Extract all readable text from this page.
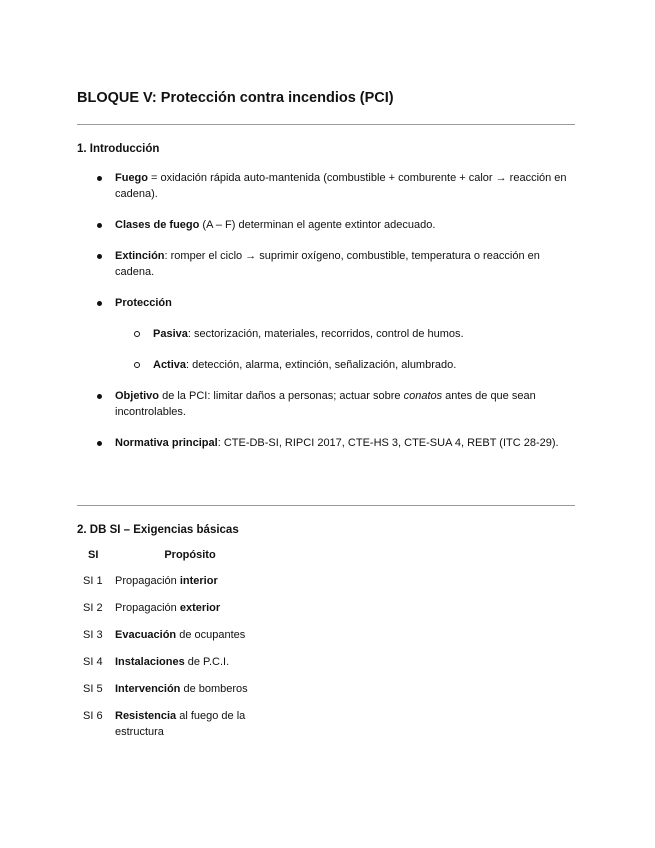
BLOQUE V: Protección contra incendios (PCI)
1. Introducción
Fuego = oxidación rápida auto-mantenida (combustible + comburente + calor → reacción en cadena).
Clases de fuego (A – F) determinan el agente extintor adecuado.
Extinción: romper el ciclo → suprimir oxígeno, combustible, temperatura o reacción en cadena.
Protección
Pasiva: sectorización, materiales, recorridos, control de humos.
Activa: detección, alarma, extinción, señalización, alumbrado.
Objetivo de la PCI: limitar daños a personas; actuar sobre conatos antes de que sean incontrolables.
Normativa principal: CTE-DB-SI, RIPCI 2017, CTE-HS 3, CTE-SUA 4, REBT (ITC 28-29).
2. DB SI – Exigencias básicas
SI	Propósito
SI 1	Propagación interior
SI 2	Propagación exterior
SI 3	Evacuación de ocupantes
SI 4	Instalaciones de P.C.I.
SI 5	Intervención de bomberos
SI 6	Resistencia al fuego de la estructura
